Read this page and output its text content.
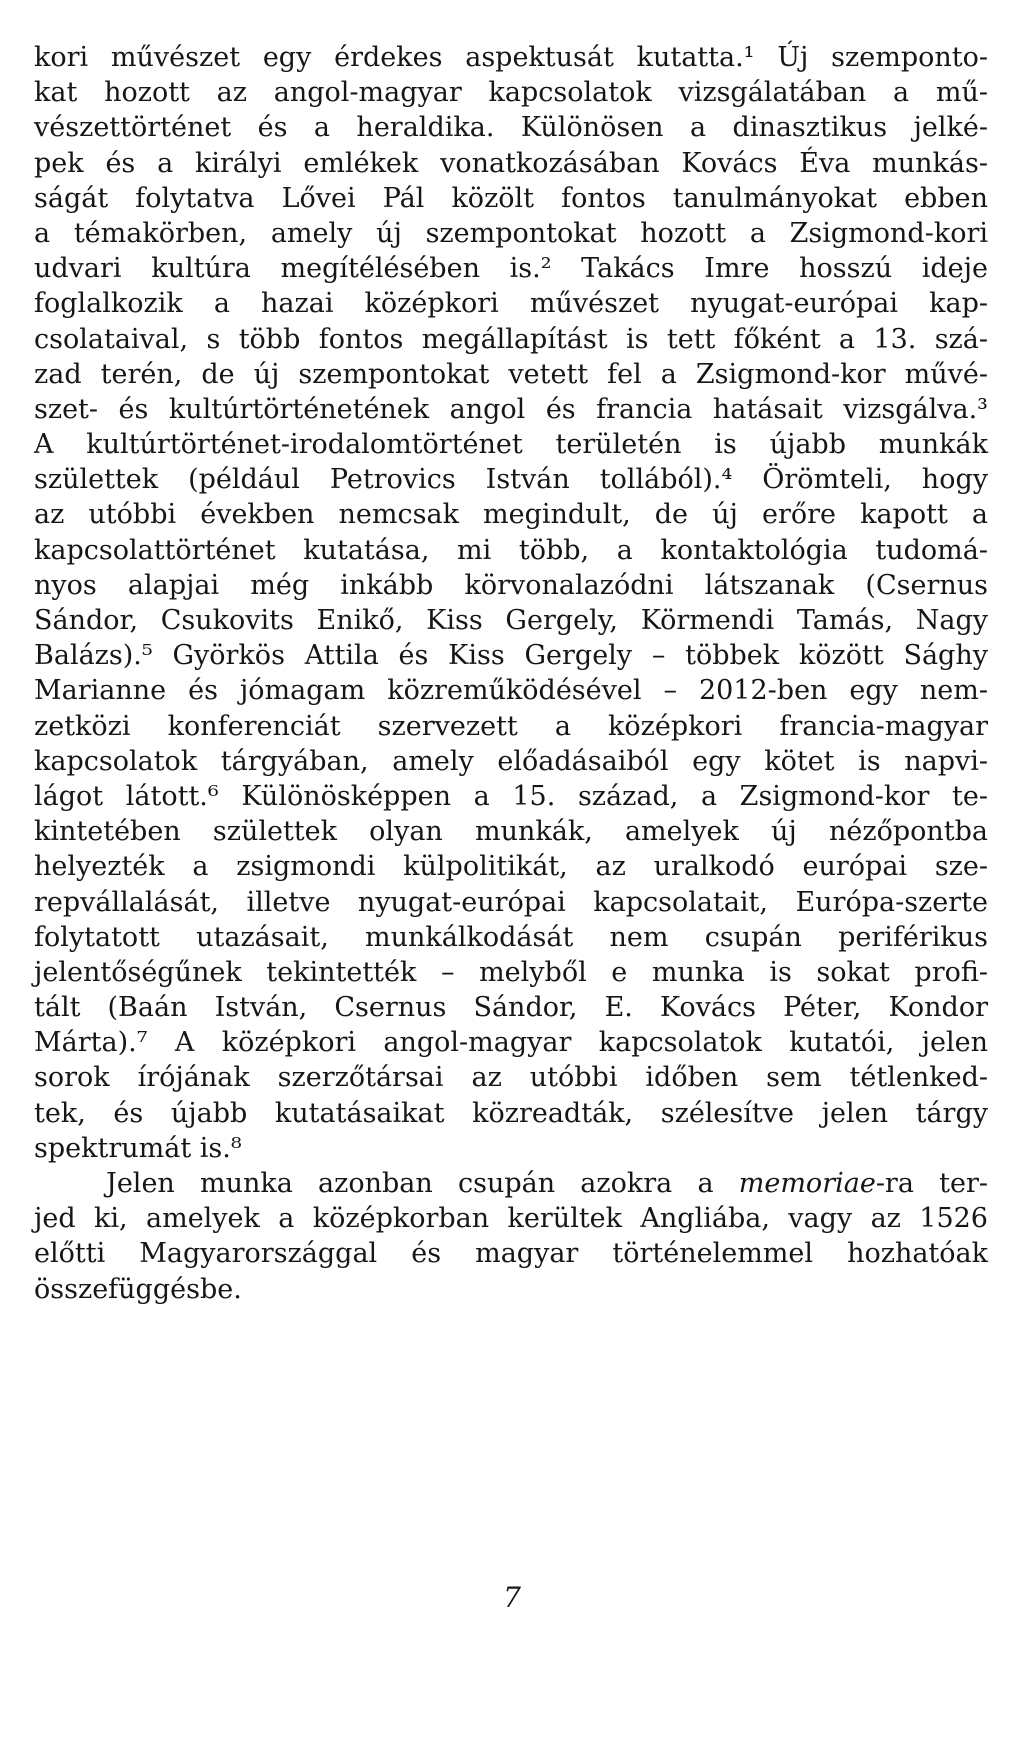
kori művészet egy érdekes aspektusát kutatta.¹ Új szemponto-
kat hozott az angol-magyar kapcsolatok vizsgálatában a mű-
vészettörténet és a heraldika. Különösen a dinasztikus jelké-
pek és a királyi emlékek vonatkozásában Kovács Éva munkás-
ságát folytatva Lővei Pál közölt fontos tanulmányokat ebben
a témakörben, amely új szempontokat hozott a Zsigmond-kori
udvari kultúra megítélésében is.² Takács Imre hosszú ideje
foglalkozik a hazai középkori művészet nyugat-európai kap-
csolataival, s több fontos megállapítást is tett főként a 13. szá-
zad terén, de új szempontokat vetett fel a Zsigmond-kor művé-
szet- és kultúrtörténetének angol és francia hatásait vizsgálva.³
A kultúrtörténet-irodalomtörténet területén is újabb munkák
születtek (például Petrovics István tollából).⁴ Örömteli, hogy
az utóbbi években nemcsak megindult, de új erőre kapott a
kapcsolattörténet kutatása, mi több, a kontaktológia tudomá-
nyos alapjai még inkább körvonalazódni látszanak (Csernus
Sándor, Csukovits Enikő, Kiss Gergely, Körmendi Tamás, Nagy
Balázs).⁵ Györkös Attila és Kiss Gergely – többek között Sághy
Marianne és jómagam közreműködésével – 2012-ben egy nem-
zetközi konferenciát szervezett a középkori francia-magyar
kapcsolatok tárgyában, amely előadásaiból egy kötet is napvi-
lágot látott.⁶ Különösképpen a 15. század, a Zsigmond-kor te-
kintetében születtek olyan munkák, amelyek új nézőpontba
helyezték a zsigmondi külpolitikát, az uralkodó európai sze-
repvállalását, illetve nyugat-európai kapcsolatait, Európa-szerte
folytatott utazásait, munkálkodását nem csupán periférikus
jelentőségűnek tekintették – melyből e munka is sokat profi-
tált (Baán István, Csernus Sándor, E. Kovács Péter, Kondor
Márta).⁷ A középkori angol-magyar kapcsolatok kutatói, jelen
sorok írójának szerzőtársai az utóbbi időben sem tétlenked-
tek, és újabb kutatásaikat közreadták, szélesítve jelen tárgy
spektrumát is.⁸
Jelen munka azonban csupán azokra a memoriae-ra ter-
jed ki, amelyek a középkorban kerültek Angliába, vagy az 1526
előtti Magyarországgal és magyar történelemmel hozhatóak
összefüggésbe.
7
